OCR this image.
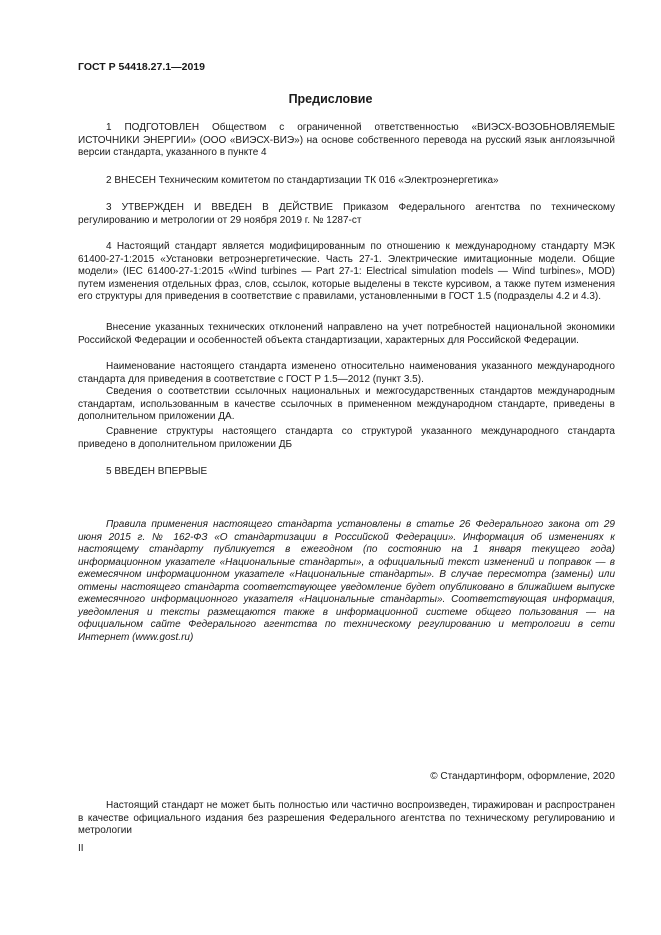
ГОСТ Р 54418.27.1—2019
Предисловие

1 ПОДГОТОВЛЕН Обществом с ограниченной ответственностью «ВИЭСХ-ВОЗОБНОВЛЯЕМЫЕ ИСТОЧНИКИ ЭНЕРГИИ» (ООО «ВИЭСХ-ВИЭ») на основе собственного перевода на русский язык англоязычной версии стандарта, указанного в пункте 4

2 ВНЕСЕН Техническим комитетом по стандартизации ТК 016 «Электроэнергетика»

3 УТВЕРЖДЕН И ВВЕДЕН В ДЕЙСТВИЕ Приказом Федерального агентства по техническому регулированию и метрологии от 29 ноября 2019 г. № 1287-ст

4 Настоящий стандарт является модифицированным по отношению к международному стандарту МЭК 61400-27-1:2015 «Установки ветроэнергетические. Часть 27-1. Электрические имитационные модели. Общие модели» (IEC 61400-27-1:2015 «Wind turbines — Part 27-1: Electrical simulation models — Wind turbines», MOD) путем изменения отдельных фраз, слов, ссылок, которые выделены в тексте курсивом, а также путем изменения его структуры для приведения в соответствие с правилами, установленными в ГОСТ 1.5 (подразделы 4.2 и 4.3).

Внесение указанных технических отклонений направлено на учет потребностей национальной экономики Российской Федерации и особенностей объекта стандартизации, характерных для Российской Федерации.

Наименование настоящего стандарта изменено относительно наименования указанного международного стандарта для приведения в соответствие с ГОСТ Р 1.5—2012 (пункт 3.5).

Сведения о соответствии ссылочных национальных и межгосударственных стандартов международным стандартам, использованным в качестве ссылочных в примененном международном стандарте, приведены в дополнительном приложении ДА.

Сравнение структуры настоящего стандарта со структурой указанного международного стандарта приведено в дополнительном приложении ДБ

5 ВВЕДЕН ВПЕРВЫЕ

Правила применения настоящего стандарта установлены в статье 26 Федерального закона от 29 июня 2015 г. № 162-ФЗ «О стандартизации в Российской Федерации». Информация об изменениях к настоящему стандарту публикуется в ежегодном (по состоянию на 1 января текущего года) информационном указателе «Национальные стандарты», а официальный текст изменений и поправок — в ежемесячном информационном указателе «Национальные стандарты». В случае пересмотра (замены) или отмены настоящего стандарта соответствующее уведомление будет опубликовано в ближайшем выпуске ежемесячного информационного указателя «Национальные стандарты». Соответствующая информация, уведомления и тексты размещаются также в информационной системе общего пользования — на официальном сайте Федерального агентства по техническому регулированию и метрологии в сети Интернет (www.gost.ru)

© Стандартинформ, оформление, 2020

Настоящий стандарт не может быть полностью или частично воспроизведен, тиражирован и распространен в качестве официального издания без разрешения Федерального агентства по техническому регулированию и метрологии

II
